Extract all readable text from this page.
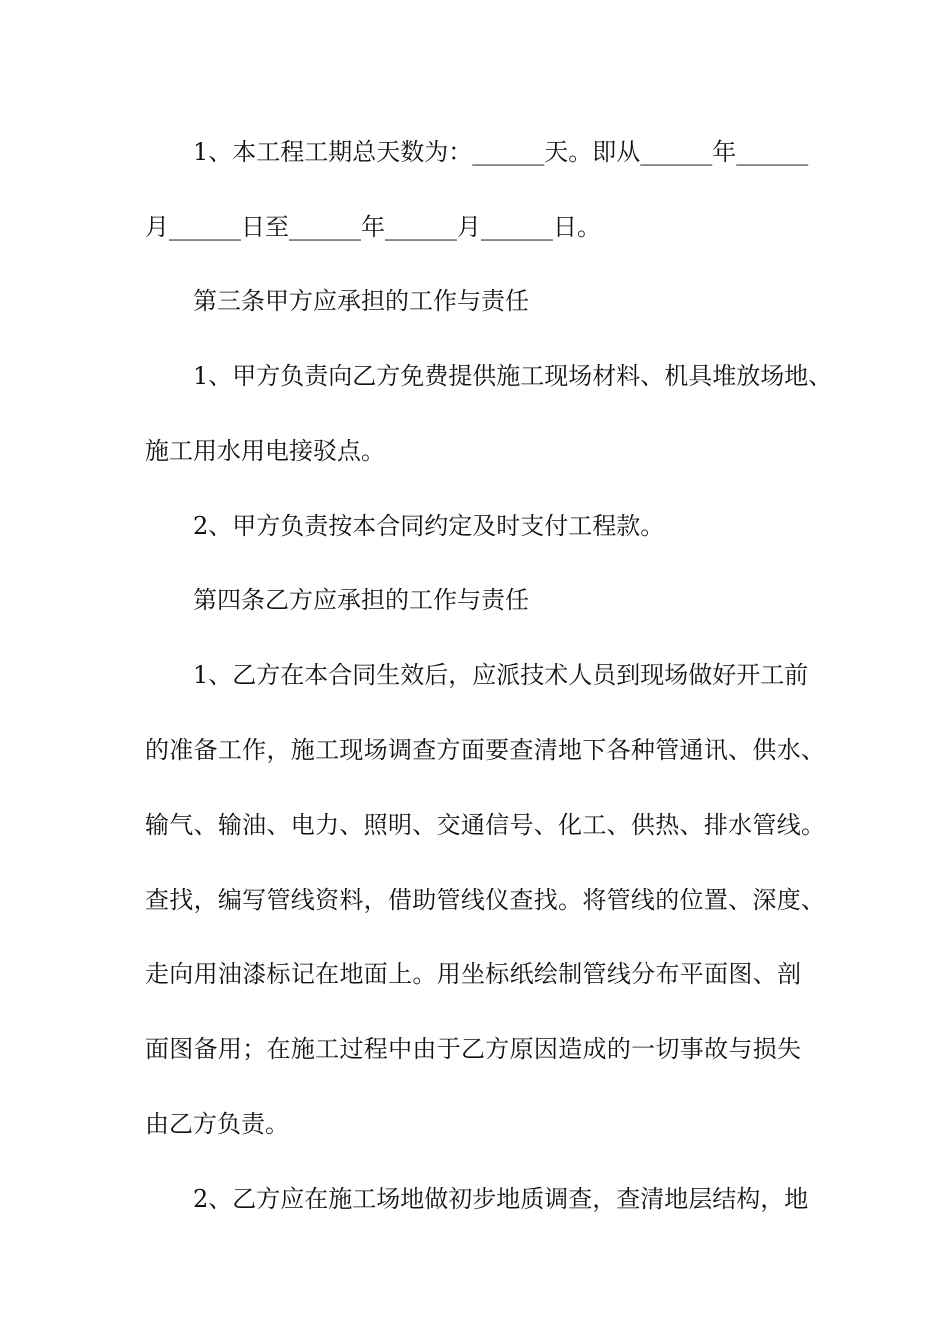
1、本工程工期总天数为：______天。即从______年______

月______日至______年______月______日。

第三条甲方应承担的工作与责任

1、甲方负责向乙方免费提供施工现场材料、机具堆放场地、

施工用水用电接驳点。

2、甲方负责按本合同约定及时支付工程款。

第四条乙方应承担的工作与责任

1、乙方在本合同生效后，应派技术人员到现场做好开工前

的准备工作，施工现场调查方面要查清地下各种管通讯、供水、

输气、输油、电力、照明、交通信号、化工、供热、排水管线。

查找，编写管线资料，借助管线仪查找。将管线的位置、深度、

走向用油漆标记在地面上。用坐标纸绘制管线分布平面图、剖

面图备用；在施工过程中由于乙方原因造成的一切事故与损失

由乙方负责。

2、乙方应在施工场地做初步地质调查，查清地层结构，地
